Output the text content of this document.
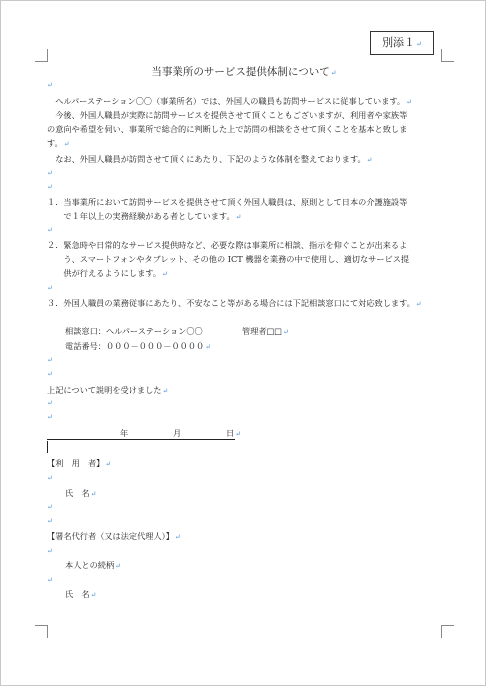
別添１↵
当事業所のサービス提供体制について↵
↵
　ヘルパーステーション〇〇（事業所名）では、外国人の職員も訪問サービスに従事しています。↵
　今後、外国人職員が実際に訪問サービスを提供させて頂くこともございますが、利用者や家族等
の意向や希望を伺い、事業所で総合的に判断した上で訪問の相談をさせて頂くことを基本と致しま
す。↵
　なお、外国人職員が訪問させて頂くにあたり、下記のような体制を整えております。↵
↵
↵
１．当事業所において訪問サービスを提供させて頂く外国人職員は、原則として日本の介護施設等
　　で１年以上の実務経験がある者としています。↵
↵
２．緊急時や日常的なサービス提供時など、必要な際は事業所に相談、指示を仰ぐことが出来るよ
　　う、スマートフォンやタブレット、その他の ICT 機器を業務の中で使用し、適切なサービス提
　　供が行えるようにします。↵
↵
３．外国人職員の業務従事にあたり、不安なこと等がある場合には下記相談窓口にて対応致します。↵
相談窓口：ヘルパーステーション〇〇	管理者□□↵
電話番号：０００－０００－００００↵
↵
↵
上記について説明を受けました↵
↵
↵
年	月	日↵
【利　用　者】↵
↵
氏　名↵
↵
↵
【署名代行者（又は法定代理人）】↵
↵
本人との続柄↵
↵
氏　名↵
